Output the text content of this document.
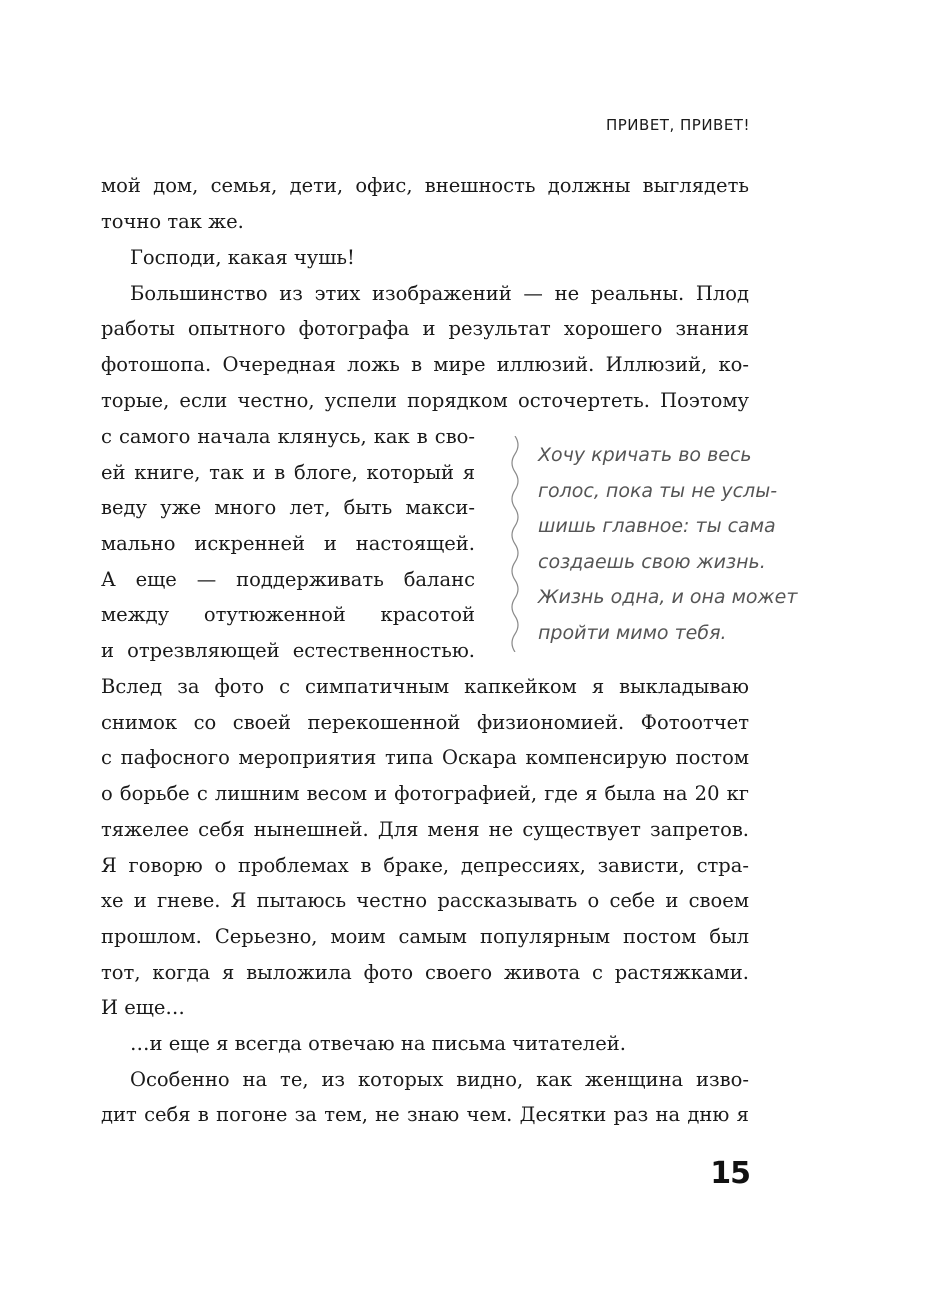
ПРИВЕТ, ПРИВЕТ!
мой дом, семья, дети, офис, внешность должны выглядеть
точно так же.
Господи, какая чушь!
Большинство из этих изображений — не реальны. Плод
работы опытного фотографа и результат хорошего знания
фотошопа. Очередная ложь в мире иллюзий. Иллюзий, ко-
торые, если честно, успели порядком осточертеть. Поэтому
с самого начала клянусь, как в сво-
ей книге, так и в блоге, который я
веду уже много лет, быть макси-
мально искренней и настоящей.
А еще — поддерживать баланс
между отутюженной красотой
и отрезвляющей естественностью.
Вслед за фото с симпатичным капкейком я выкладываю
снимок со своей перекошенной физиономией. Фотоотчет
с пафосного мероприятия типа Оскара компенсирую постом
о борьбе с лишним весом и фотографией, где я была на 20 кг
тяжелее себя нынешней. Для меня не существует запретов.
Я говорю о проблемах в браке, депрессиях, зависти, стра-
хе и гневе. Я пытаюсь честно рассказывать о себе и своем
прошлом. Серьезно, моим самым популярным постом был
тот, когда я выложила фото своего живота с растяжками.
И еще…
…и еще я всегда отвечаю на письма читателей.
Особенно на те, из которых видно, как женщина изво-
дит себя в погоне за тем, не знаю чем. Десятки раз на дню я
Хочу кричать во весь
голос, пока ты не услы-
шишь главное: ты сама
создаешь свою жизнь.
Жизнь одна, и она может
пройти мимо тебя.
15
